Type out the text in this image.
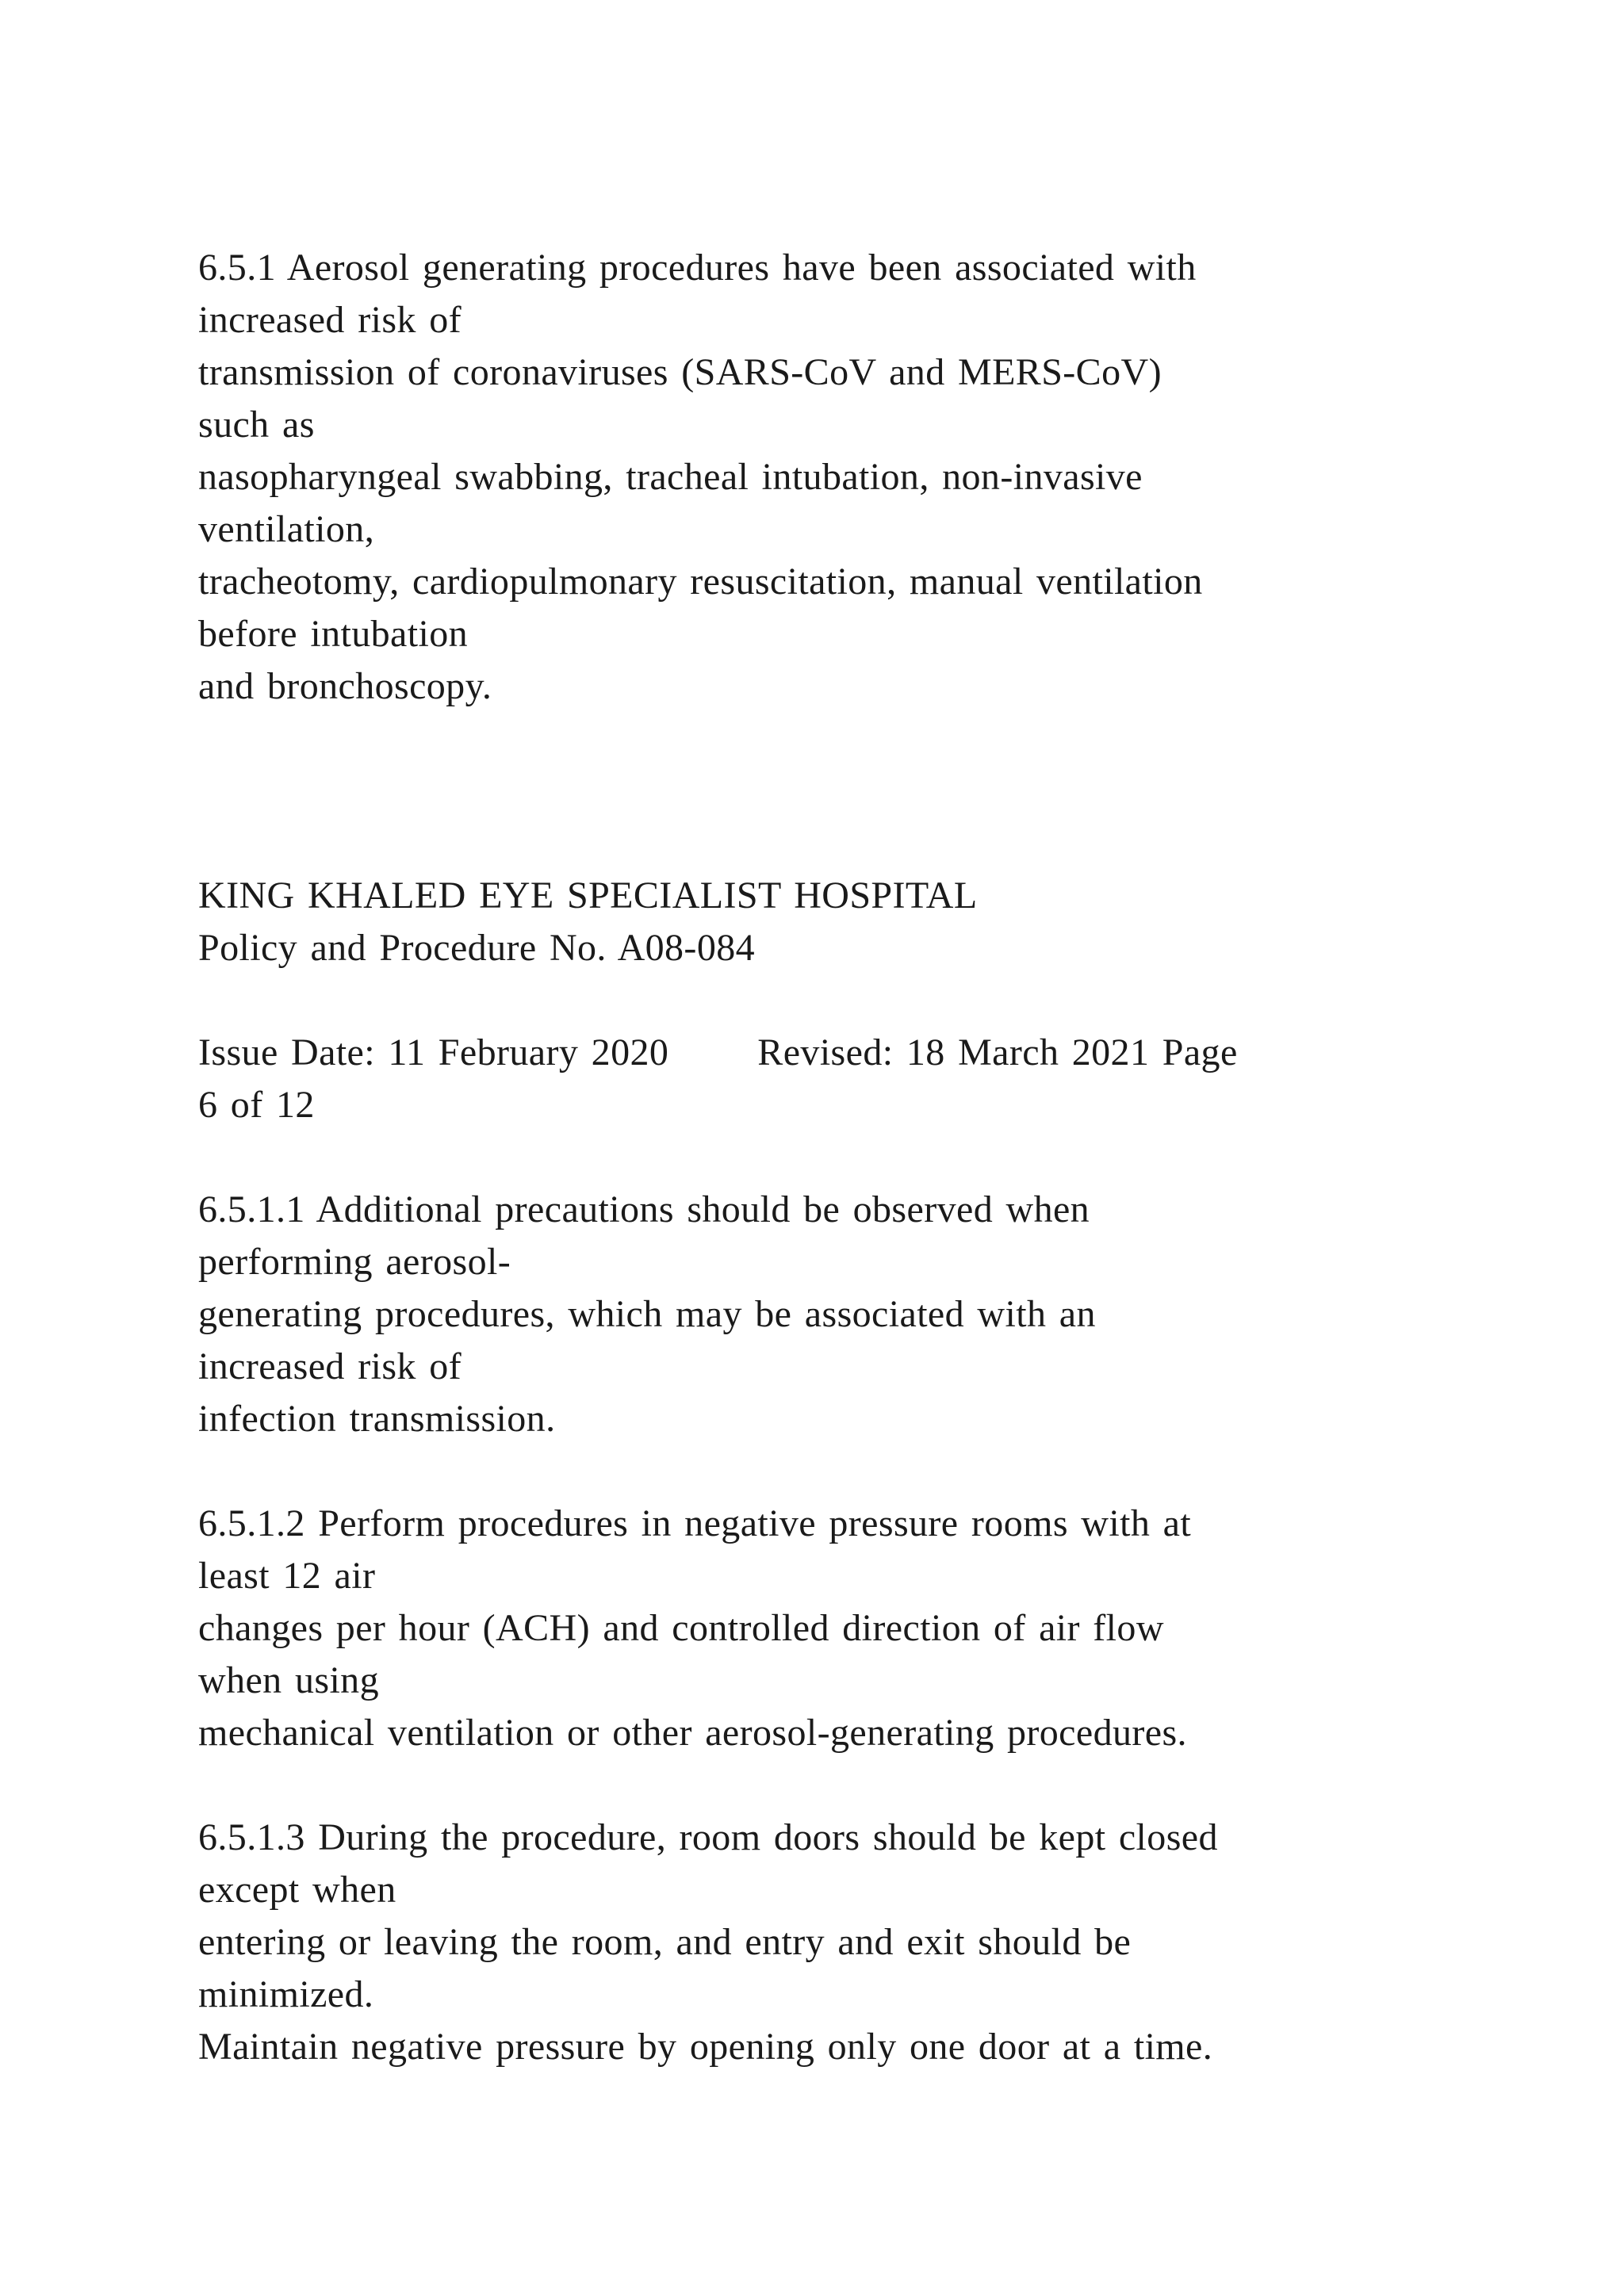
6.5.1 Aerosol generating procedures have been associated with
increased risk of
transmission of coronaviruses (SARS-CoV and MERS-CoV)
such as
nasopharyngeal swabbing, tracheal intubation, non-invasive
ventilation,
tracheotomy, cardiopulmonary resuscitation, manual ventilation
before intubation
and bronchoscopy.
KING KHALED EYE SPECIALIST HOSPITAL
Policy and Procedure No. A08-084
Issue Date: 11 February 2020 Revised: 18 March 2021 Page
6 of 12
6.5.1.1 Additional precautions should be observed when
performing aerosol-
generating procedures, which may be associated with an
increased risk of
infection transmission.
6.5.1.2 Perform procedures in negative pressure rooms with at
least 12 air
changes per hour (ACH) and controlled direction of air flow
when using
mechanical ventilation or other aerosol-generating procedures.
6.5.1.3 During the procedure, room doors should be kept closed
except when
entering or leaving the room, and entry and exit should be
minimized.
Maintain negative pressure by opening only one door at a time.
